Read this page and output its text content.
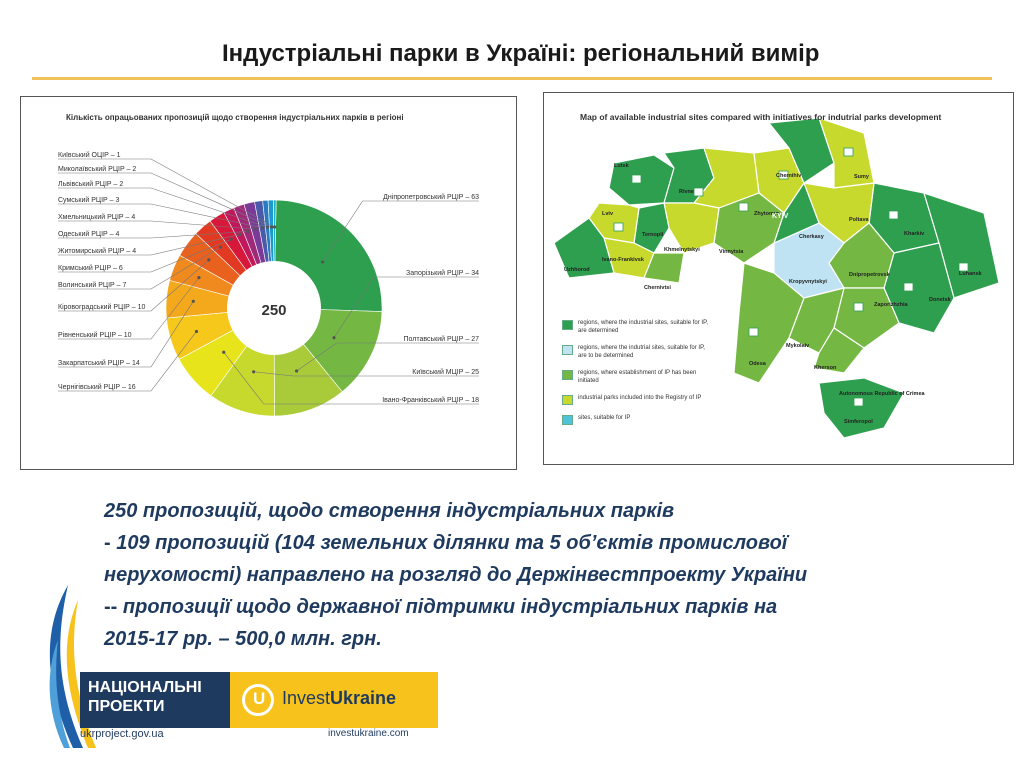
Індустріальні парки в Україні: регіональний вимір
Кількість опрацьованих пропозицій щодо створення індустріальних парків в регіоні
Дніпропетровський РЦІР – 63
Запорізький РЦІР – 34
Полтавський РЦІР – 27
Київський МЦІР – 25
Івано-Франківський РЦІР – 18
Київський ОЦІР – 1
Миколаївський РЦІР – 2
Львівський РЦІР – 2
Сумський РЦІР – 3
Хмельницький РЦІР – 4
Одеський РЦІР – 4
Житомирський РЦІР – 4
Кримський РЦІР – 6
Волинський РЦІР – 7
Кіровоградський РЦІР – 10
Рівненський РЦІР – 10
Закарпатський РЦІР – 14
Чернігівський РЦІР – 16
250
Lutsk
Rivne
Lviv
Ternopil
Uzhhorod
Ivano-Frankivsk
Chernivtsi
Khmelnytskyi	Vinnytsia
Zhytomyr
KYIV
Chernihiv	Sumy
Poltava
Kharkiv
Cherkasy
Kropyvnytskyi
Dnipropetrovsk
Zaporizhzhia
Donetsk
Luhansk
Mykolaiv
Kherson
Odesa
Simferopol
Autonomous Republic of Crimea
Map of available industrial sites compared with initiatives for indutrial parks development
regions, where the industrial sites, suitable for IP, are determined
regions, where the indutrial sites, suitable for IP, are to be determined
regions, where establishment of IP has been initiated
industrial parks included into the Registry of IP
sites, suitable for IP
250 пропозицій, щодо створення індустріальних парків
- 109 пропозицій (104 земельних ділянки та 5 об’єктів промислової
нерухомості) направлено на розгляд до Держінвестпроекту України
-- пропозиції щодо державної підтримки індустріальних парків на
2015-17 рр. – 500,0 млн. грн.
НАЦІОНАЛЬНІ
ПРОЕКТИ
ukrproject.gov.ua
U InvestUkraine
investukraine.com
